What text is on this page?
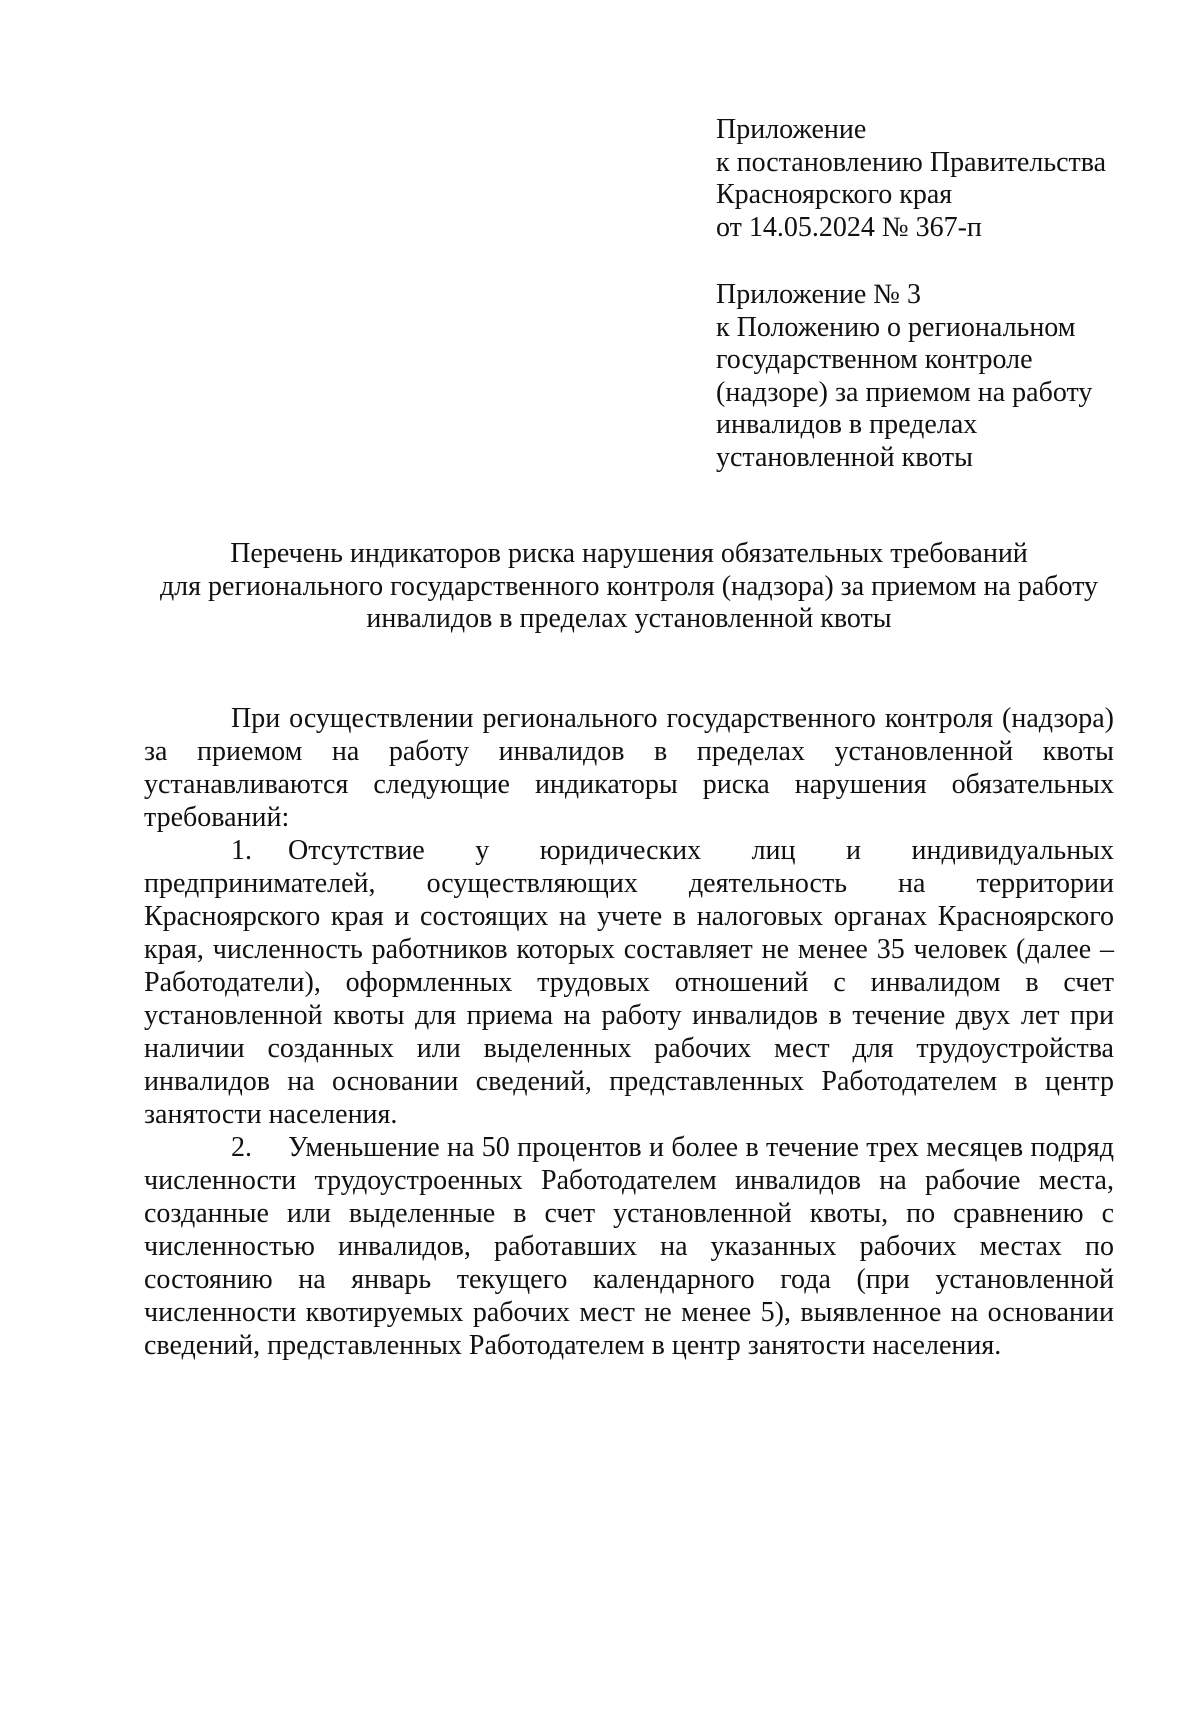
Приложение
к постановлению Правительства
Красноярского края
от 14.05.2024 № 367-п
Приложение № 3
к Положению о региональном
государственном контроле
(надзоре) за приемом на работу
инвалидов в пределах
установленной квоты
Перечень индикаторов риска нарушения обязательных требований
для регионального государственного контроля (надзора) за приемом на работу
инвалидов в пределах установленной квоты

При осуществлении регионального государственного контроля (надзора) за приемом на работу инвалидов в пределах установленной квоты устанавливаются следующие индикаторы риска нарушения обязательных требований:

1. Отсутствие у юридических лиц и индивидуальных предпринимателей, осуществляющих деятельность на территории Красноярского края и состоящих на учете в налоговых органах Красноярского края, численность работников которых составляет не менее 35 человек (далее – Работодатели), оформленных трудовых отношений с инвалидом в счет установленной квоты для приема на работу инвалидов в течение двух лет при наличии созданных или выделенных рабочих мест для трудоустройства инвалидов на основании сведений, представленных Работодателем в центр занятости населения.

2. Уменьшение на 50 процентов и более в течение трех месяцев подряд численности трудоустроенных Работодателем инвалидов на рабочие места, созданные или выделенные в счет установленной квоты, по сравнению с численностью инвалидов, работавших на указанных рабочих местах по состоянию на январь текущего календарного года (при установленной численности квотируемых рабочих мест не менее 5), выявленное на основании сведений, представленных Работодателем в центр занятости населения.
